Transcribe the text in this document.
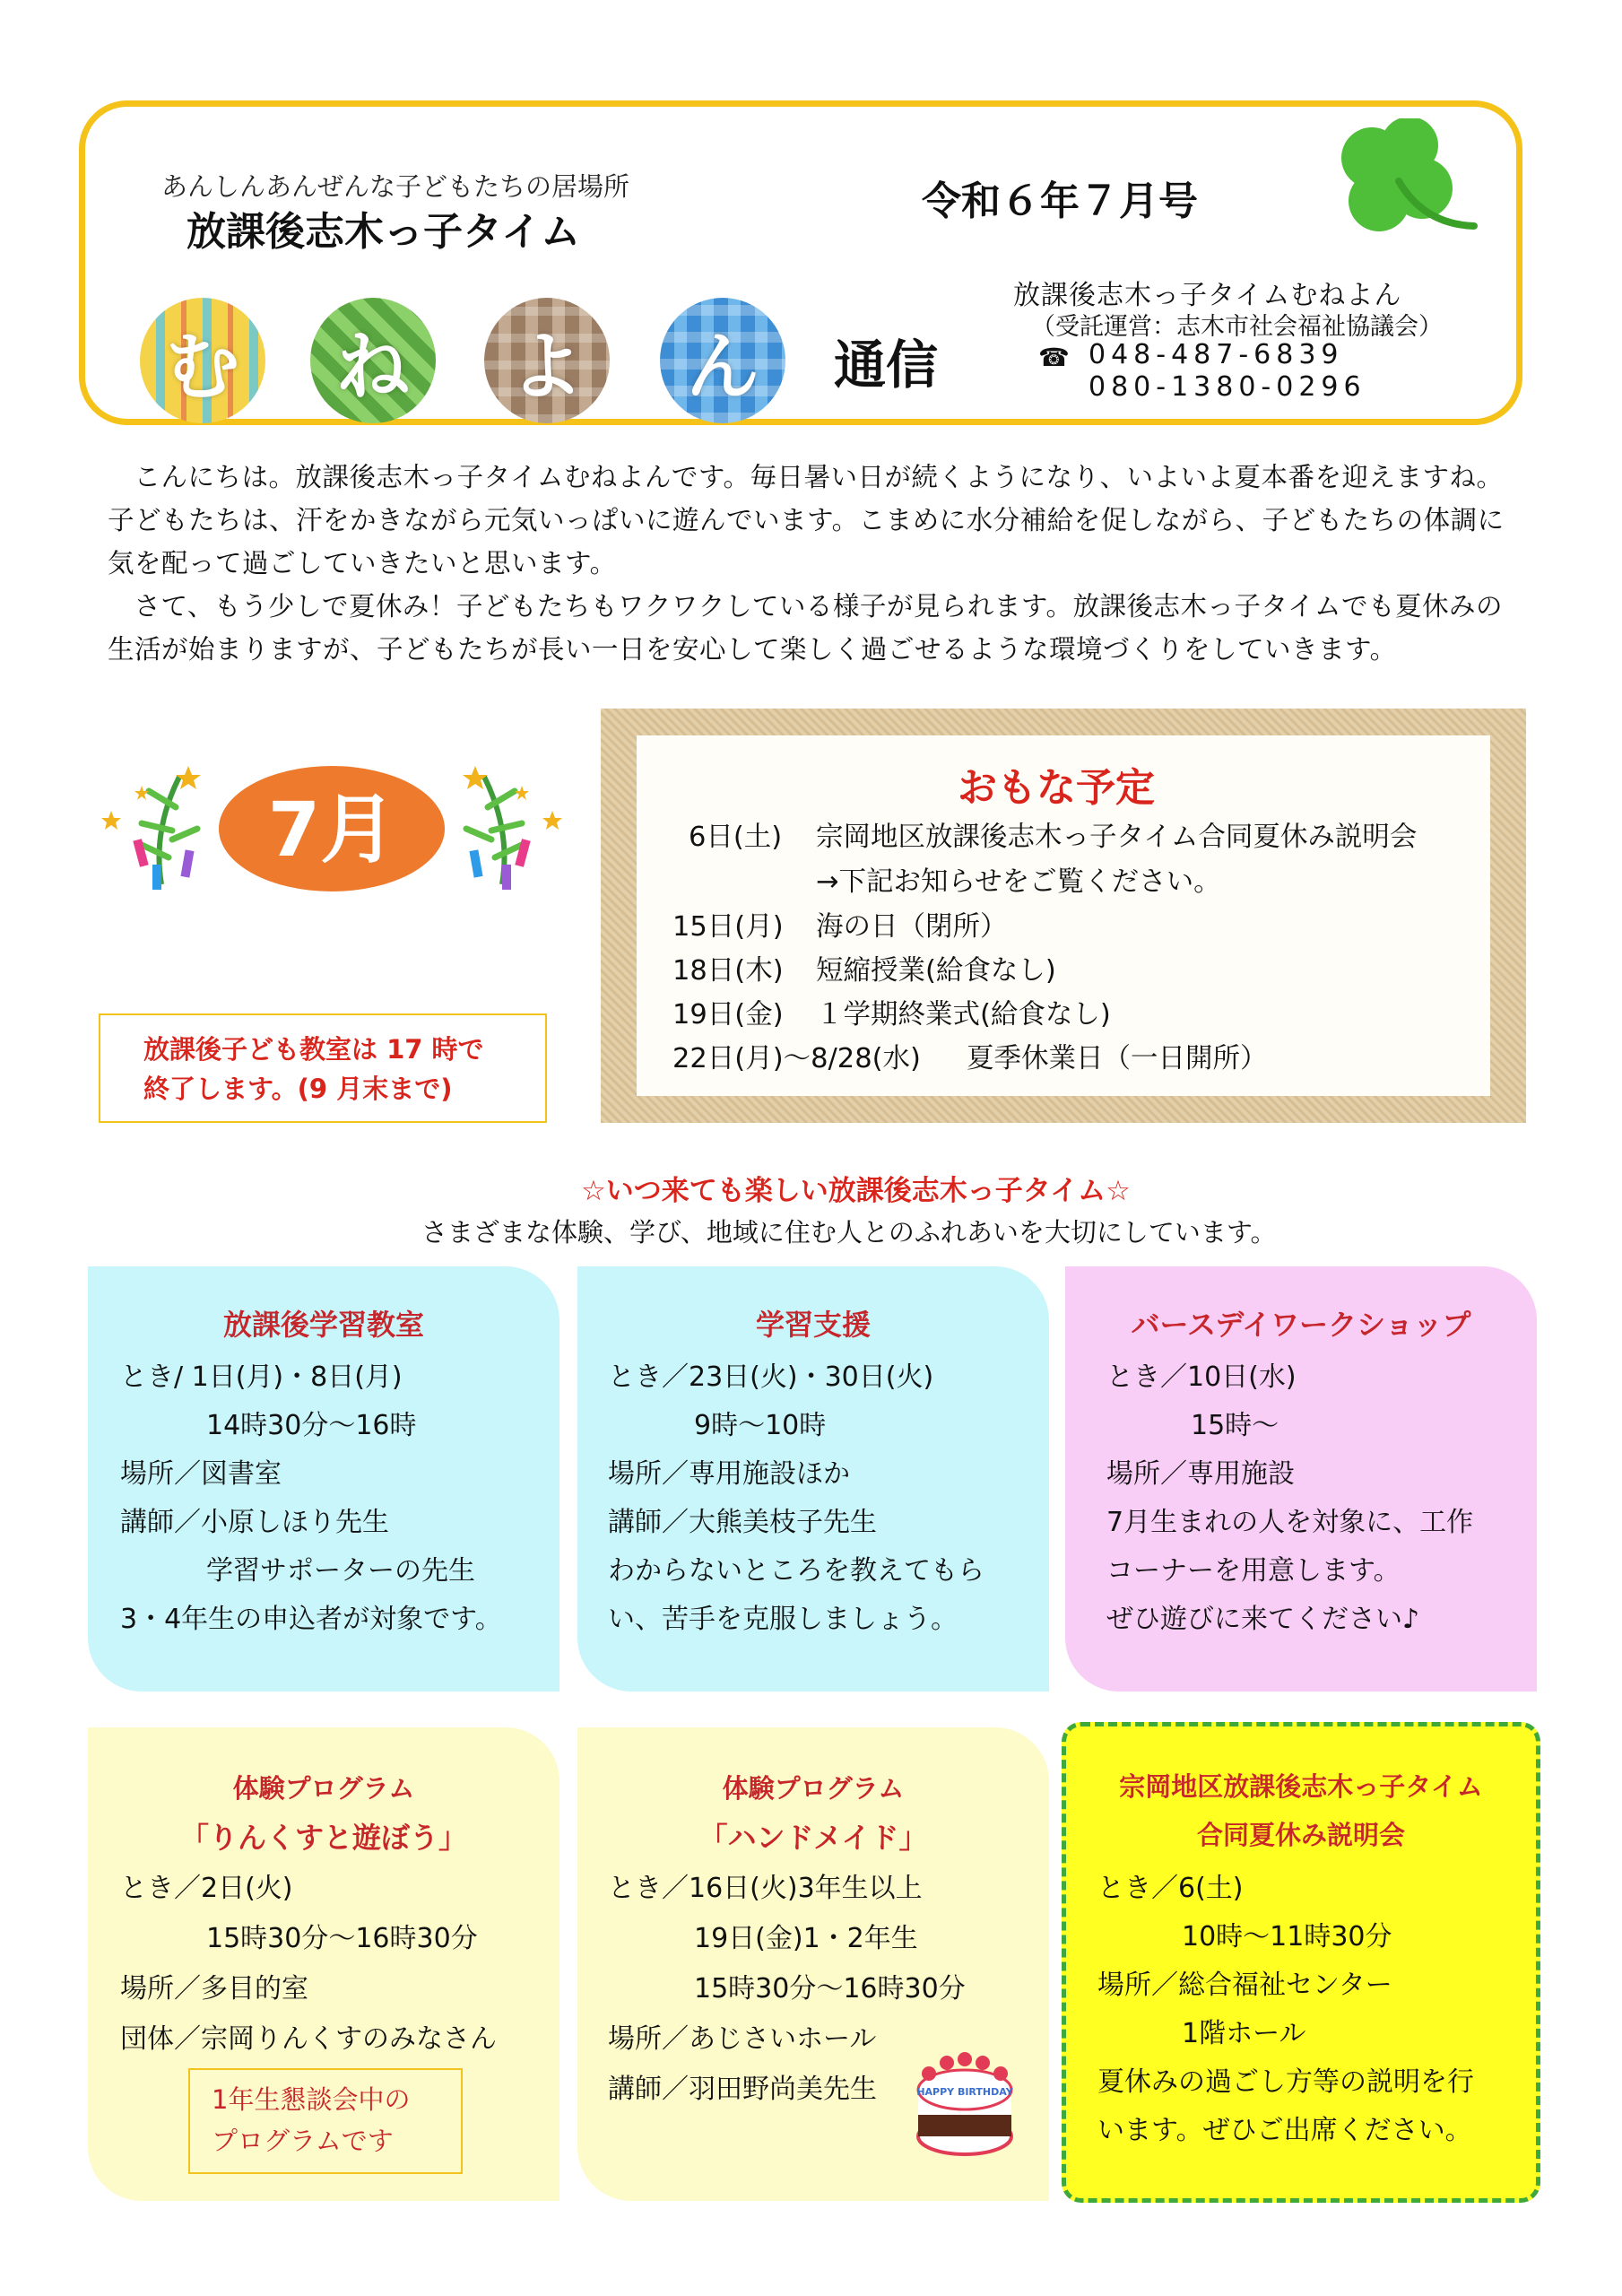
あんしんあんぜんな子どもたちの居場所
放課後志木っ子タイム
令和６年７月号
む	ね	よ	ん	通信
放課後志木っ子タイムむねよん
（受託運営：志木市社会福祉協議会）
☎ 048-487-6839
080-1380-0296

こんにちは。放課後志木っ子タイムむねよんです。毎日暑い日が続くようになり、いよいよ夏本番を迎えますね。子どもたちは、汗をかきながら元気いっぱいに遊んでいます。こまめに水分補給を促しながら、子どもたちの体調に気を配って過ごしていきたいと思います。

さて、もう少しで夏休み！子どもたちもワクワクしている様子が見られます。放課後志木っ子タイムでも夏休みの生活が始まりますが、子どもたちが長い一日を安心して楽しく過ごせるような環境づくりをしていきます。

7月
放課後子ども教室は 17 時で
終了します。(9 月末まで)
おもな予定
6日(土) 宗岡地区放課後志木っ子タイム合同夏休み説明会
→下記お知らせをご覧ください。
15日(月) 海の日（閉所）
18日(木) 短縮授業(給食なし)
19日(金) １学期終業式(給食なし)
22日(月)～8/28(水) 夏季休業日（一日開所）
☆いつ来ても楽しい放課後志木っ子タイム☆
さまざまな体験、学び、地域に住む人とのふれあいを大切にしています。
放課後学習教室
とき/ 1日(月)・8日(月)
14時30分～16時
場所／図書室
講師／小原しほり先生
学習サポーターの先生
3・4年生の申込者が対象です。
学習支援
とき／23日(火)・30日(火)
9時～10時
場所／専用施設ほか
講師／大熊美枝子先生
わからないところを教えてもら
い、苦手を克服しましょう。
バースデイワークショップ
とき／10日(水)
15時～
場所／専用施設
7月生まれの人を対象に、工作
コーナーを用意します。
ぜひ遊びに来てください♪
体験プログラム
「りんくすと遊ぼう」
とき／2日(火)
15時30分～16時30分
場所／多目的室
団体／宗岡りんくすのみなさん
1年生懇談会中の
プログラムです
体験プログラム
「ハンドメイド」
とき／16日(火)3年生以上
19日(金)1・2年生
15時30分～16時30分
場所／あじさいホール
講師／羽田野尚美先生	HAPPY BIRTHDAY
宗岡地区放課後志木っ子タイム
合同夏休み説明会
とき／6(土)
10時～11時30分
場所／総合福祉センター
1階ホール
夏休みの過ごし方等の説明を行
います。ぜひご出席ください。
